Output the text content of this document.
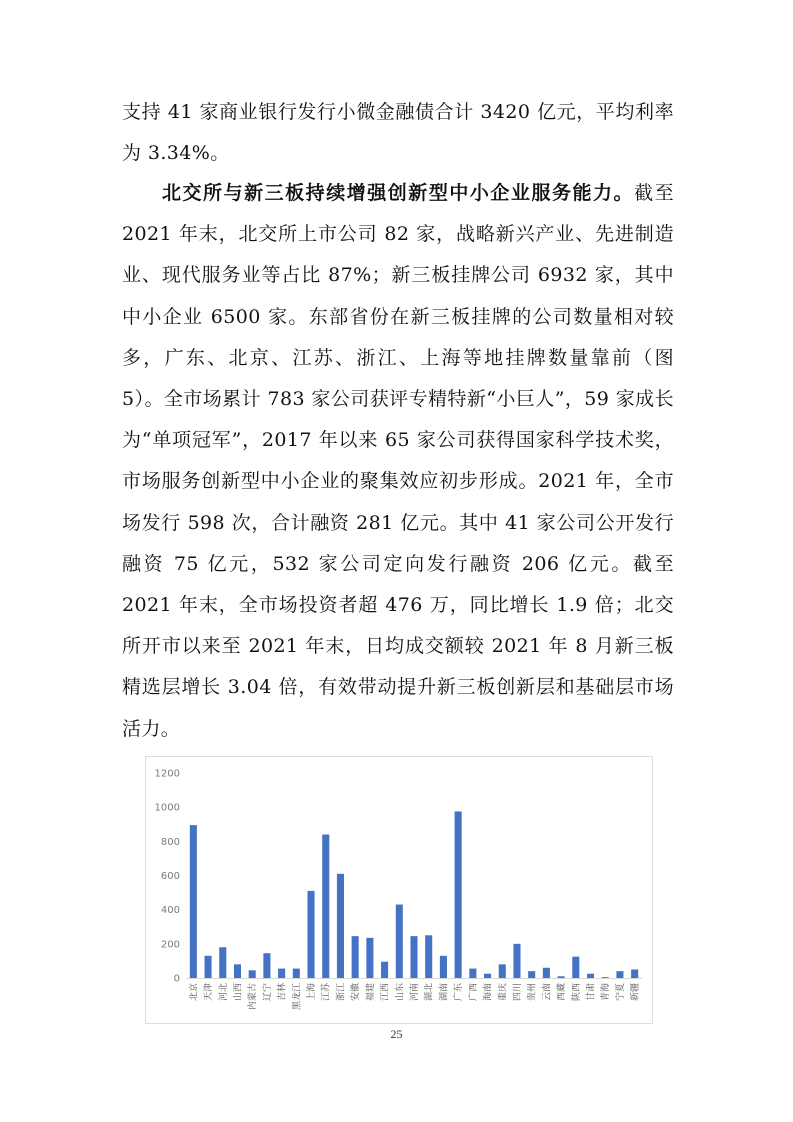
支持 41 家商业银行发行小微金融债合计 3420 亿元，平均利率为 3.34%。
北交所与新三板持续增强创新型中小企业服务能力。截至 2021 年末，北交所上市公司 82 家，战略新兴产业、先进制造业、现代服务业等占比 87%；新三板挂牌公司 6932 家，其中中小企业 6500 家。东部省份在新三板挂牌的公司数量相对较多，广东、北京、江苏、浙江、上海等地挂牌数量靠前（图 5）。全市场累计 783 家公司获评专精特新“小巨人”，59 家成长为“单项冠军”，2017 年以来 65 家公司获得国家科学技术奖，市场服务创新型中小企业的聚集效应初步形成。2021 年，全市场发行 598 次，合计融资 281 亿元。其中 41 家公司公开发行融资 75 亿元，532 家公司定向发行融资 206 亿元。截至 2021 年末，全市场投资者超 476 万，同比增长 1.9 倍；北交所开市以来至 2021 年末，日均成交额较 2021 年 8 月新三板精选层增长 3.04 倍，有效带动提升新三板创新层和基础层市场活力。
0
200
400
600
800
1000
1200
北京 天津 河北 山西 内蒙古 辽宁 吉林 黑龙江 上海 江苏 浙江 安徽 福建 江西 山东 河南 湖北 湖南 广东 广西 海南 重庆 四川 贵州 云南 西藏 陕西 甘肃 青海 宁夏 新疆
25
